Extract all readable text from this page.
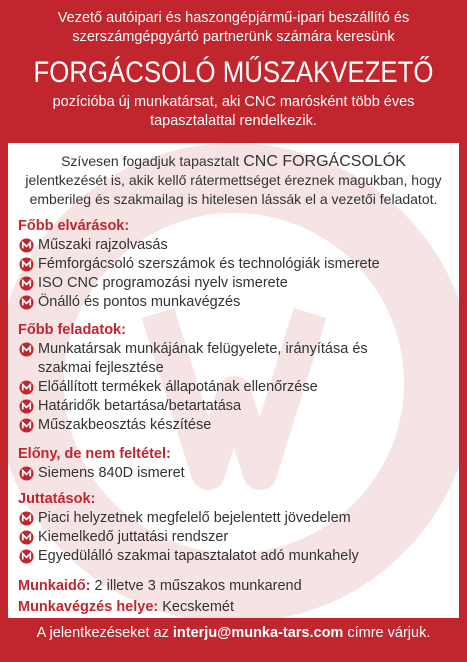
Vezető autóipari és haszongépjármű-ipari beszállító és szerszámgépgyártó partnerünk számára keresünk
FORGÁCSOLÓ MŰSZAKVEZETŐ
pozícióba új munkatársat, aki CNC marósként több éves tapasztalattal rendelkezik.
Szívesen fogadjuk tapasztalt CNC FORGÁCSOLÓK jelentkezését is, akik kellő rátermettséget éreznek magukban, hogy emberileg és szakmailag is hitelesen lássák el a vezetői feladatot.
Főbb elvárások:
Műszaki rajzolvasás
Fémforgácsoló szerszámok és technológiák ismerete
ISO CNC programozási nyelv ismerete
Önálló és pontos munkavégzés
Főbb feladatok:
Munkatársak munkájának felügyelete, irányítása és szakmai fejlesztése
Előállított termékek állapotának ellenőrzése
Határidők betartása/betartatása
Műszakbeosztás készítése
Előny, de nem feltétel:
Siemens 840D ismeret
Juttatások:
Piaci helyzetnek megfelelő bejelentett jövedelem
Kiemelkedő juttatási rendszer
Egyedülálló szakmai tapasztalatot adó munkahely
Munkaidő: 2 illetve 3 műszakos munkarend
Munkavégzés helye: Kecskemét
A jelentkezéseket az interju@munka-tars.com címre várjuk.
